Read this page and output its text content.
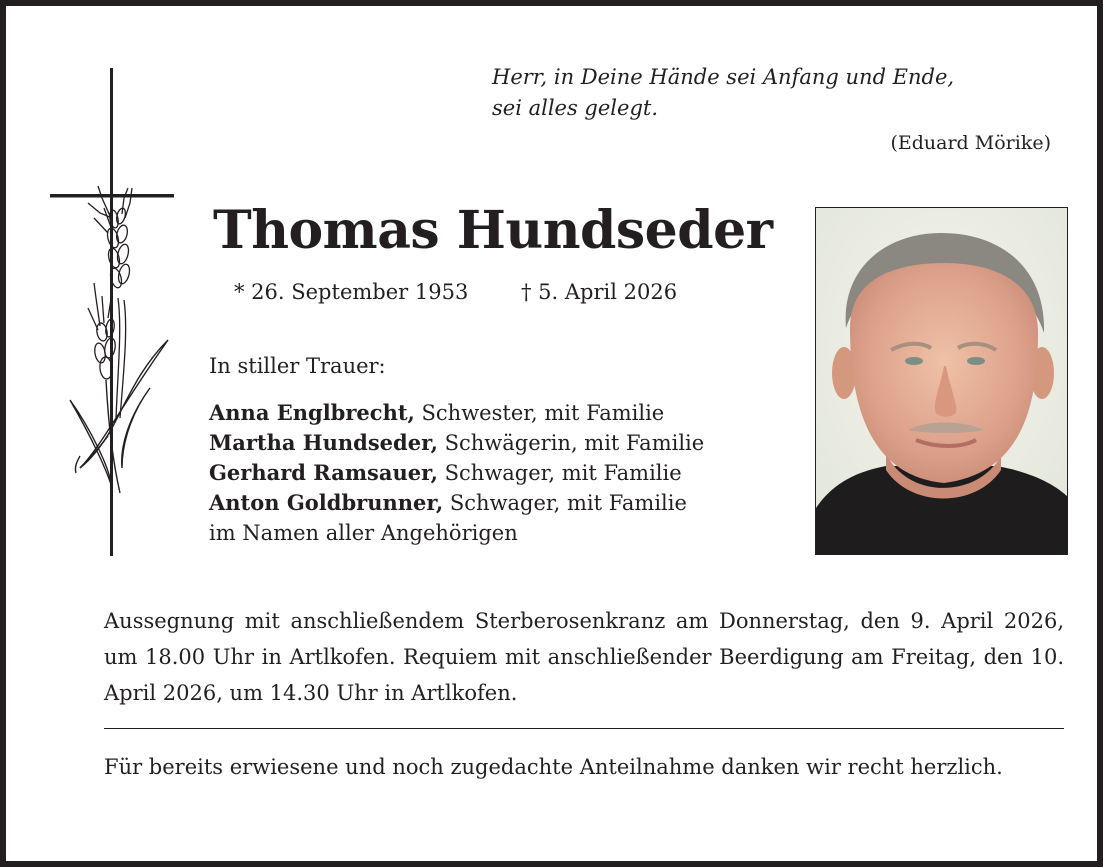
Herr, in Deine Hände sei Anfang und Ende,
sei alles gelegt.
(Eduard Mörike)
Thomas Hundseder
* 26. September 1953	† 5. April 2026
In stiller Trauer:
Anna Englbrecht, Schwester, mit Familie
Martha Hundseder, Schwägerin, mit Familie
Gerhard Ramsauer, Schwager, mit Familie
Anton Goldbrunner, Schwager, mit Familie
im Namen aller Angehörigen
Aussegnung mit anschließendem Sterberosenkranz am Donnerstag, den 9. April 2026, um 18.00 Uhr in Artlkofen. Requiem mit anschließender Beerdigung am Freitag, den 10. April 2026, um 14.30 Uhr in Artlkofen.
Für bereits erwiesene und noch zugedachte Anteilnahme danken wir recht herzlich.
